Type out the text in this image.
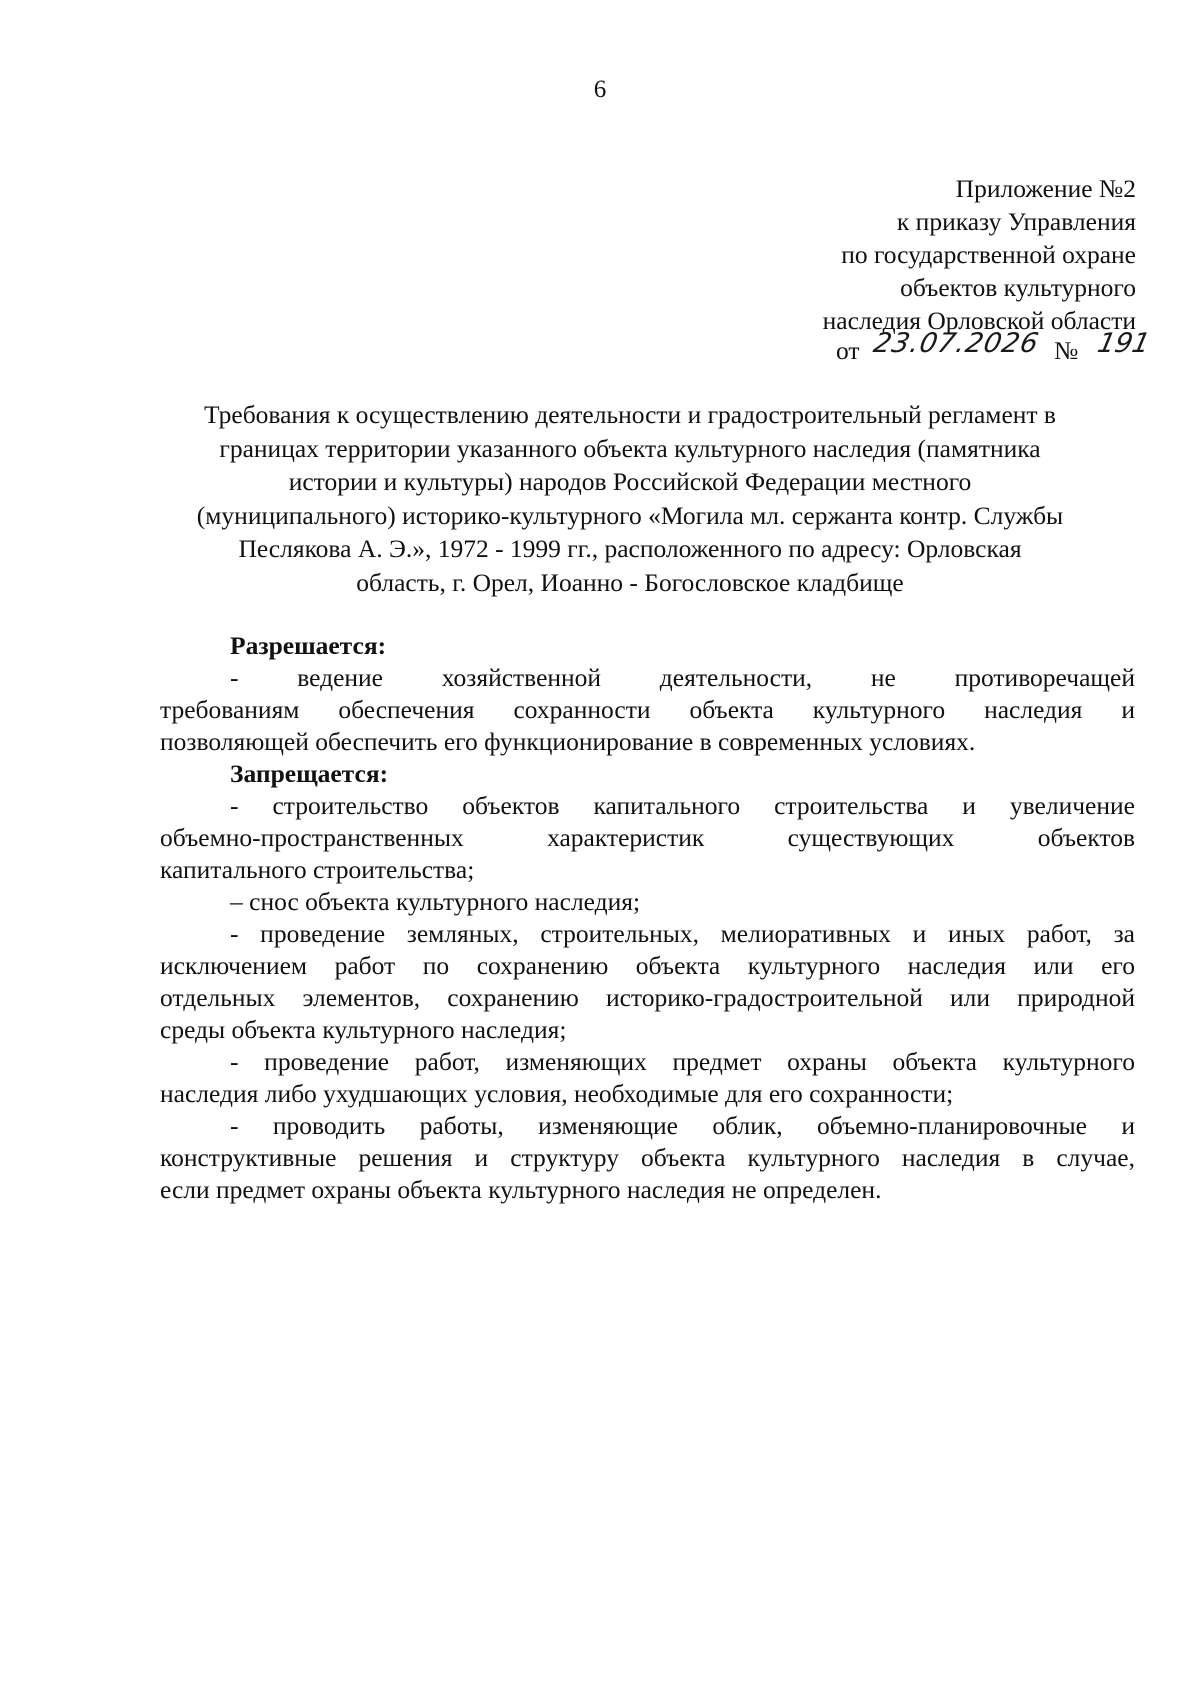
6
Приложение №2
к приказу Управления
по государственной охране
объектов культурного
наследия Орловской области
от 23.07.2026 № 191
Требования к осуществлению деятельности и градостроительный регламент в
границах территории указанного объекта культурного наследия (памятника
истории и культуры) народов Российской Федерации местного
(муниципального) историко-культурного «Могила мл. сержанта контр. Службы
Песлякова А. Э.», 1972 - 1999 гг., расположенного по адресу: Орловская
область, г. Орел, Иоанно - Богословское кладбище
Разрешается:
- ведение хозяйственной деятельности, не противоречащей
требованиям обеспечения сохранности объекта культурного наследия и
позволяющей обеспечить его функционирование в современных условиях.
Запрещается:
- строительство объектов капитального строительства и увеличение
объемно-пространственных характеристик существующих объектов
капитального строительства;
– снос объекта культурного наследия;
- проведение земляных, строительных, мелиоративных и иных работ, за
исключением работ по сохранению объекта культурного наследия или его
отдельных элементов, сохранению историко-градостроительной или природной
среды объекта культурного наследия;
- проведение работ, изменяющих предмет охраны объекта культурного
наследия либо ухудшающих условия, необходимые для его сохранности;
- проводить работы, изменяющие облик, объемно-планировочные и
конструктивные решения и структуру объекта культурного наследия в случае,
если предмет охраны объекта культурного наследия не определен.
